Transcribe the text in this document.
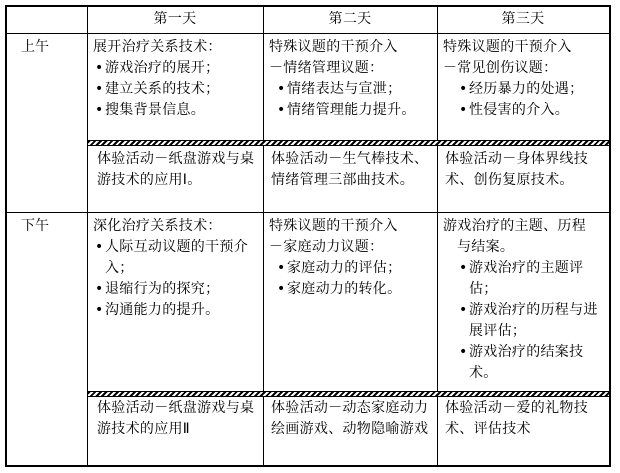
第一天	第二天	第三天
上午
下午
展开治疗关系技术：
• 游戏治疗的展开；
• 建立关系的技术；
• 搜集背景信息。
体验活动－纸盘游戏与桌游技术的应用Ⅰ。
特殊议题的干预介入
－情绪管理议题：
• 情绪表达与宣泄；
• 情绪管理能力提升。
体验活动－生气棒技术、情绪管理三部曲技术。
特殊议题的干预介入
－常见创伤议题：
• 经历暴力的处遇；
• 性侵害的介入。
体验活动－身体界线技术、创伤复原技术。
深化治疗关系技术：
• 人际互动议题的干预介入；
• 退缩行为的探究；
• 沟通能力的提升。
体验活动－纸盘游戏与桌游技术的应用Ⅱ
特殊议题的干预介入
－家庭动力议题：
• 家庭动力的评估；
• 家庭动力的转化。
体验活动－动态家庭动力绘画游戏、动物隐喻游戏
游戏治疗的主题、历程
与结案。
• 游戏治疗的主题评估；
• 游戏治疗的历程与进展评估；
• 游戏治疗的结案技术。
体验活动－爱的礼物技术、评估技术
